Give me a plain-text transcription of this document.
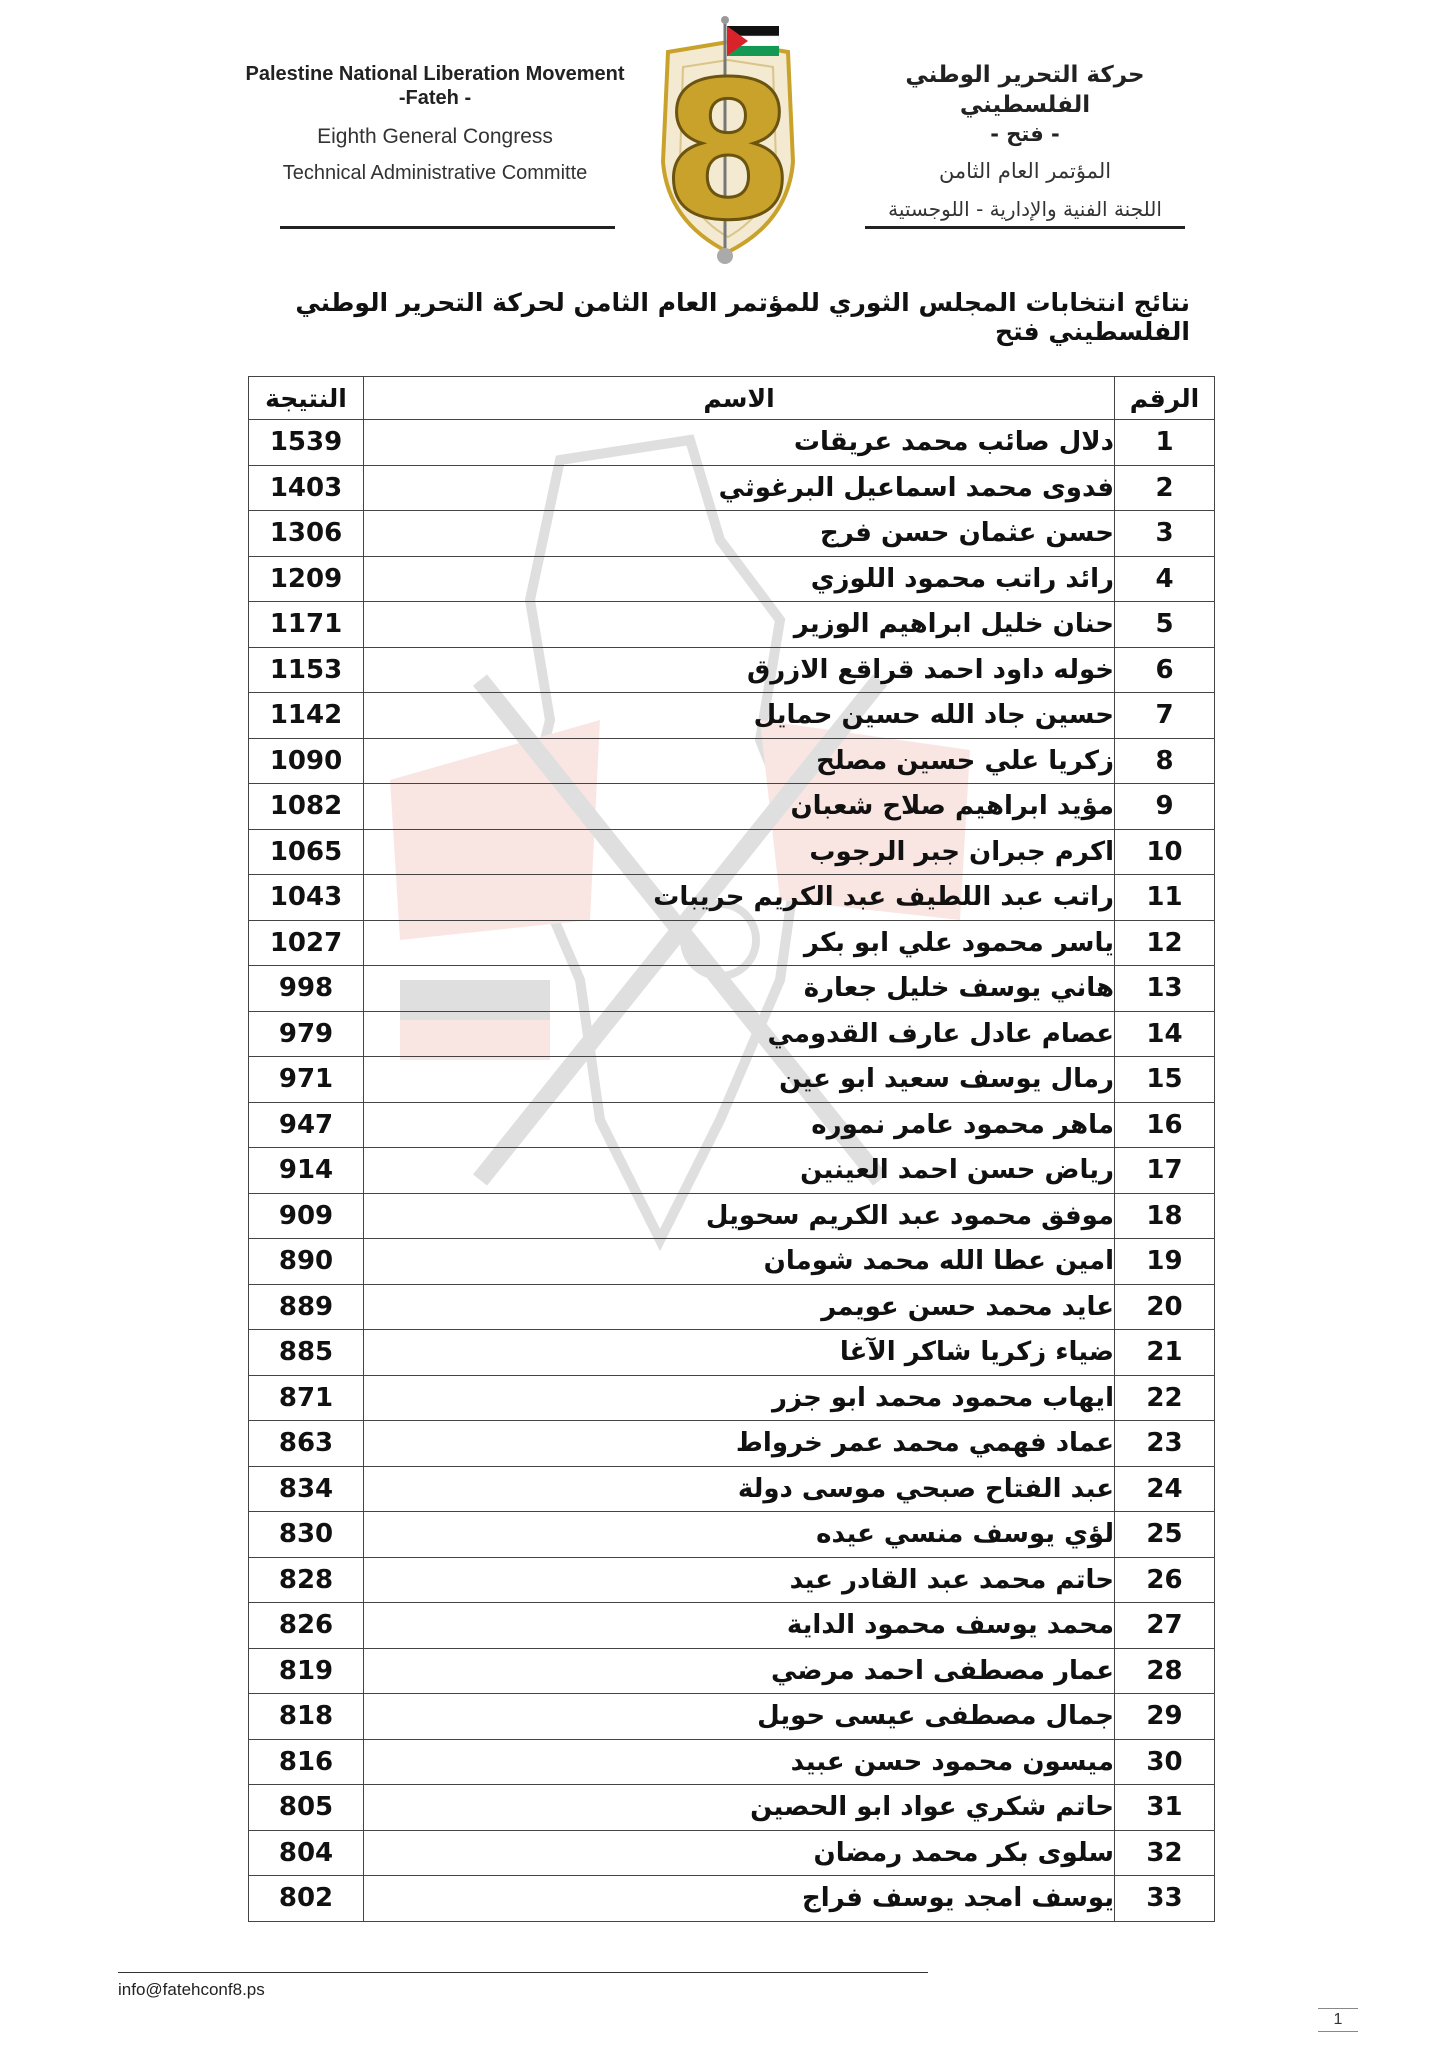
Palestine National Liberation Movement
-Fateh -
Eighth General Congress
Technical Administrative Committe 8	حركة التحرير الوطني الفلسطيني
- فتح -
المؤتمر العام الثامن
اللجنة الفنية والإدارية - اللوجستية
نتائج انتخابات المجلس الثوري للمؤتمر العام الثامن لحركة التحرير الوطني الفلسطيني فتح
الرقم	الاسم	النتيجة
1	دلال صائب محمد عريقات	1539
2	فدوى محمد اسماعيل البرغوثي	1403
3	حسن عثمان حسن فرج	1306
4	رائد راتب محمود اللوزي	1209
5	حنان خليل ابراهيم الوزير	1171
6	خوله داود احمد قراقع الازرق	1153
7	حسين جاد الله حسين حمايل	1142
8	زكريا علي حسين مصلح	1090
9	مؤيد ابراهيم صلاح شعبان	1082
10	اكرم جبران جبر الرجوب	1065
11	راتب عبد اللطيف عبد الكريم حريبات	1043
12	ياسر محمود علي ابو بكر	1027
13	هاني يوسف خليل جعارة	998
14	عصام عادل عارف القدومي	979
15	رمال يوسف سعيد ابو عين	971
16	ماهر محمود عامر نموره	947
17	رياض حسن احمد العينين	914
18	موفق محمود عبد الكريم سحويل	909
19	امين عطا الله محمد شومان	890
20	عايد محمد حسن عويمر	889
21	ضياء زكريا شاكر الآغا	885
22	ايهاب محمود محمد ابو جزر	871
23	عماد فهمي محمد عمر خرواط	863
24	عبد الفتاح صبحي موسى دولة	834
25	لؤي يوسف منسي عيده	830
26	حاتم محمد عبد القادر عيد	828
27	محمد يوسف محمود الداية	826
28	عمار مصطفى احمد مرضي	819
29	جمال مصطفى عيسى حويل	818
30	ميسون محمود حسن عبيد	816
31	حاتم شكري عواد ابو الحصين	805
32	سلوى بكر محمد رمضان	804
33	يوسف امجد يوسف فراج	802
info@fatehconf8.ps
1
